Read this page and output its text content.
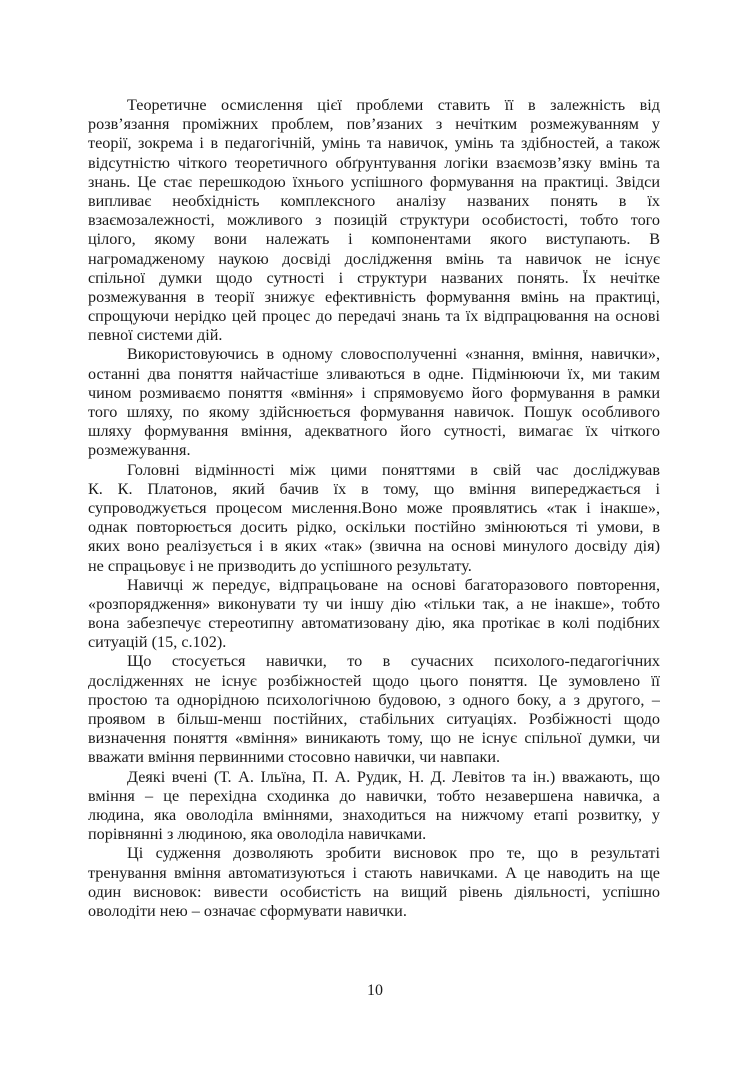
Теоретичне осмислення цієї проблеми ставить її в залежність від
розв’язання проміжних проблем, пов’язаних з нечітким розмежуванням у
теорії, зокрема і в педагогічній, умінь та навичок, умінь та здібностей, а також
відсутністю чіткого теоретичного обґрунтування логіки взаємозв’язку вмінь та
знань. Це стає перешкодою їхнього успішного формування на практиці. Звідси
випливає необхідність комплексного аналізу названих понять в їх
взаємозалежності, можливого з позицій структури особистості, тобто того
цілого, якому вони належать і компонентами якого виступають. В
нагромадженому наукою досвіді дослідження вмінь та навичок не існує
спільної думки щодо сутності і структури названих понять. Їх нечітке
розмежування в теорії знижує ефективність формування вмінь на практиці,
спрощуючи нерідко цей процес до передачі знань та їх відпрацювання на основі
певної системи дій.
Використовуючись в одному словосполученні «знання, вміння, навички»,
останні два поняття найчастіше зливаються в одне. Підмінюючи їх, ми таким
чином розмиваємо поняття «вміння» і спрямовуємо його формування в рамки
того шляху, по якому здійснюється формування навичок. Пошук особливого
шляху формування вміння, адекватного його сутності, вимагає їх чіткого
розмежування.
Головні відмінності між цими поняттями в свій час досліджував
К. К. Платонов, який бачив їх в тому, що вміння випереджається і
супроводжується процесом мислення.Воно може проявлятись «так і інакше»,
однак повторюється досить рідко, оскільки постійно змінюються ті умови, в
яких воно реалізується і в яких «так» (звична на основі минулого досвіду дія)
не спрацьовує і не призводить до успішного результату.
Навичці ж передує, відпрацьоване на основі багаторазового повторення,
«розпорядження» виконувати ту чи іншу дію «тільки так, а не інакше», тобто
вона забезпечує стереотипну автоматизовану дію, яка протікає в колі подібних
ситуацій (15, с.102).
Що стосується навички, то в сучасних психолого-педагогічних
дослідженнях не існує розбіжностей щодо цього поняття. Це зумовлено її
простою та однорідною психологічною будовою, з одного боку, а з другого, –
проявом в більш-менш постійних, стабільних ситуаціях. Розбіжності щодо
визначення поняття «вміння» виникають тому, що не існує спільної думки, чи
вважати вміння первинними стосовно навички, чи навпаки.
Деякі вчені (Т. А. Ільїна, П. А. Рудик, Н. Д. Левітов та ін.) вважають, що
вміння – це перехідна сходинка до навички, тобто незавершена навичка, а
людина, яка оволоділа вміннями, знаходиться на нижчому етапі розвитку, у
порівнянні з людиною, яка оволоділа навичками.
Ці судження дозволяють зробити висновок про те, що в результаті
тренування вміння автоматизуються і стають навичками. А це наводить на ще
один висновок: вивести особистість на вищий рівень діяльності, успішно
оволодіти нею – означає сформувати навички.
10
